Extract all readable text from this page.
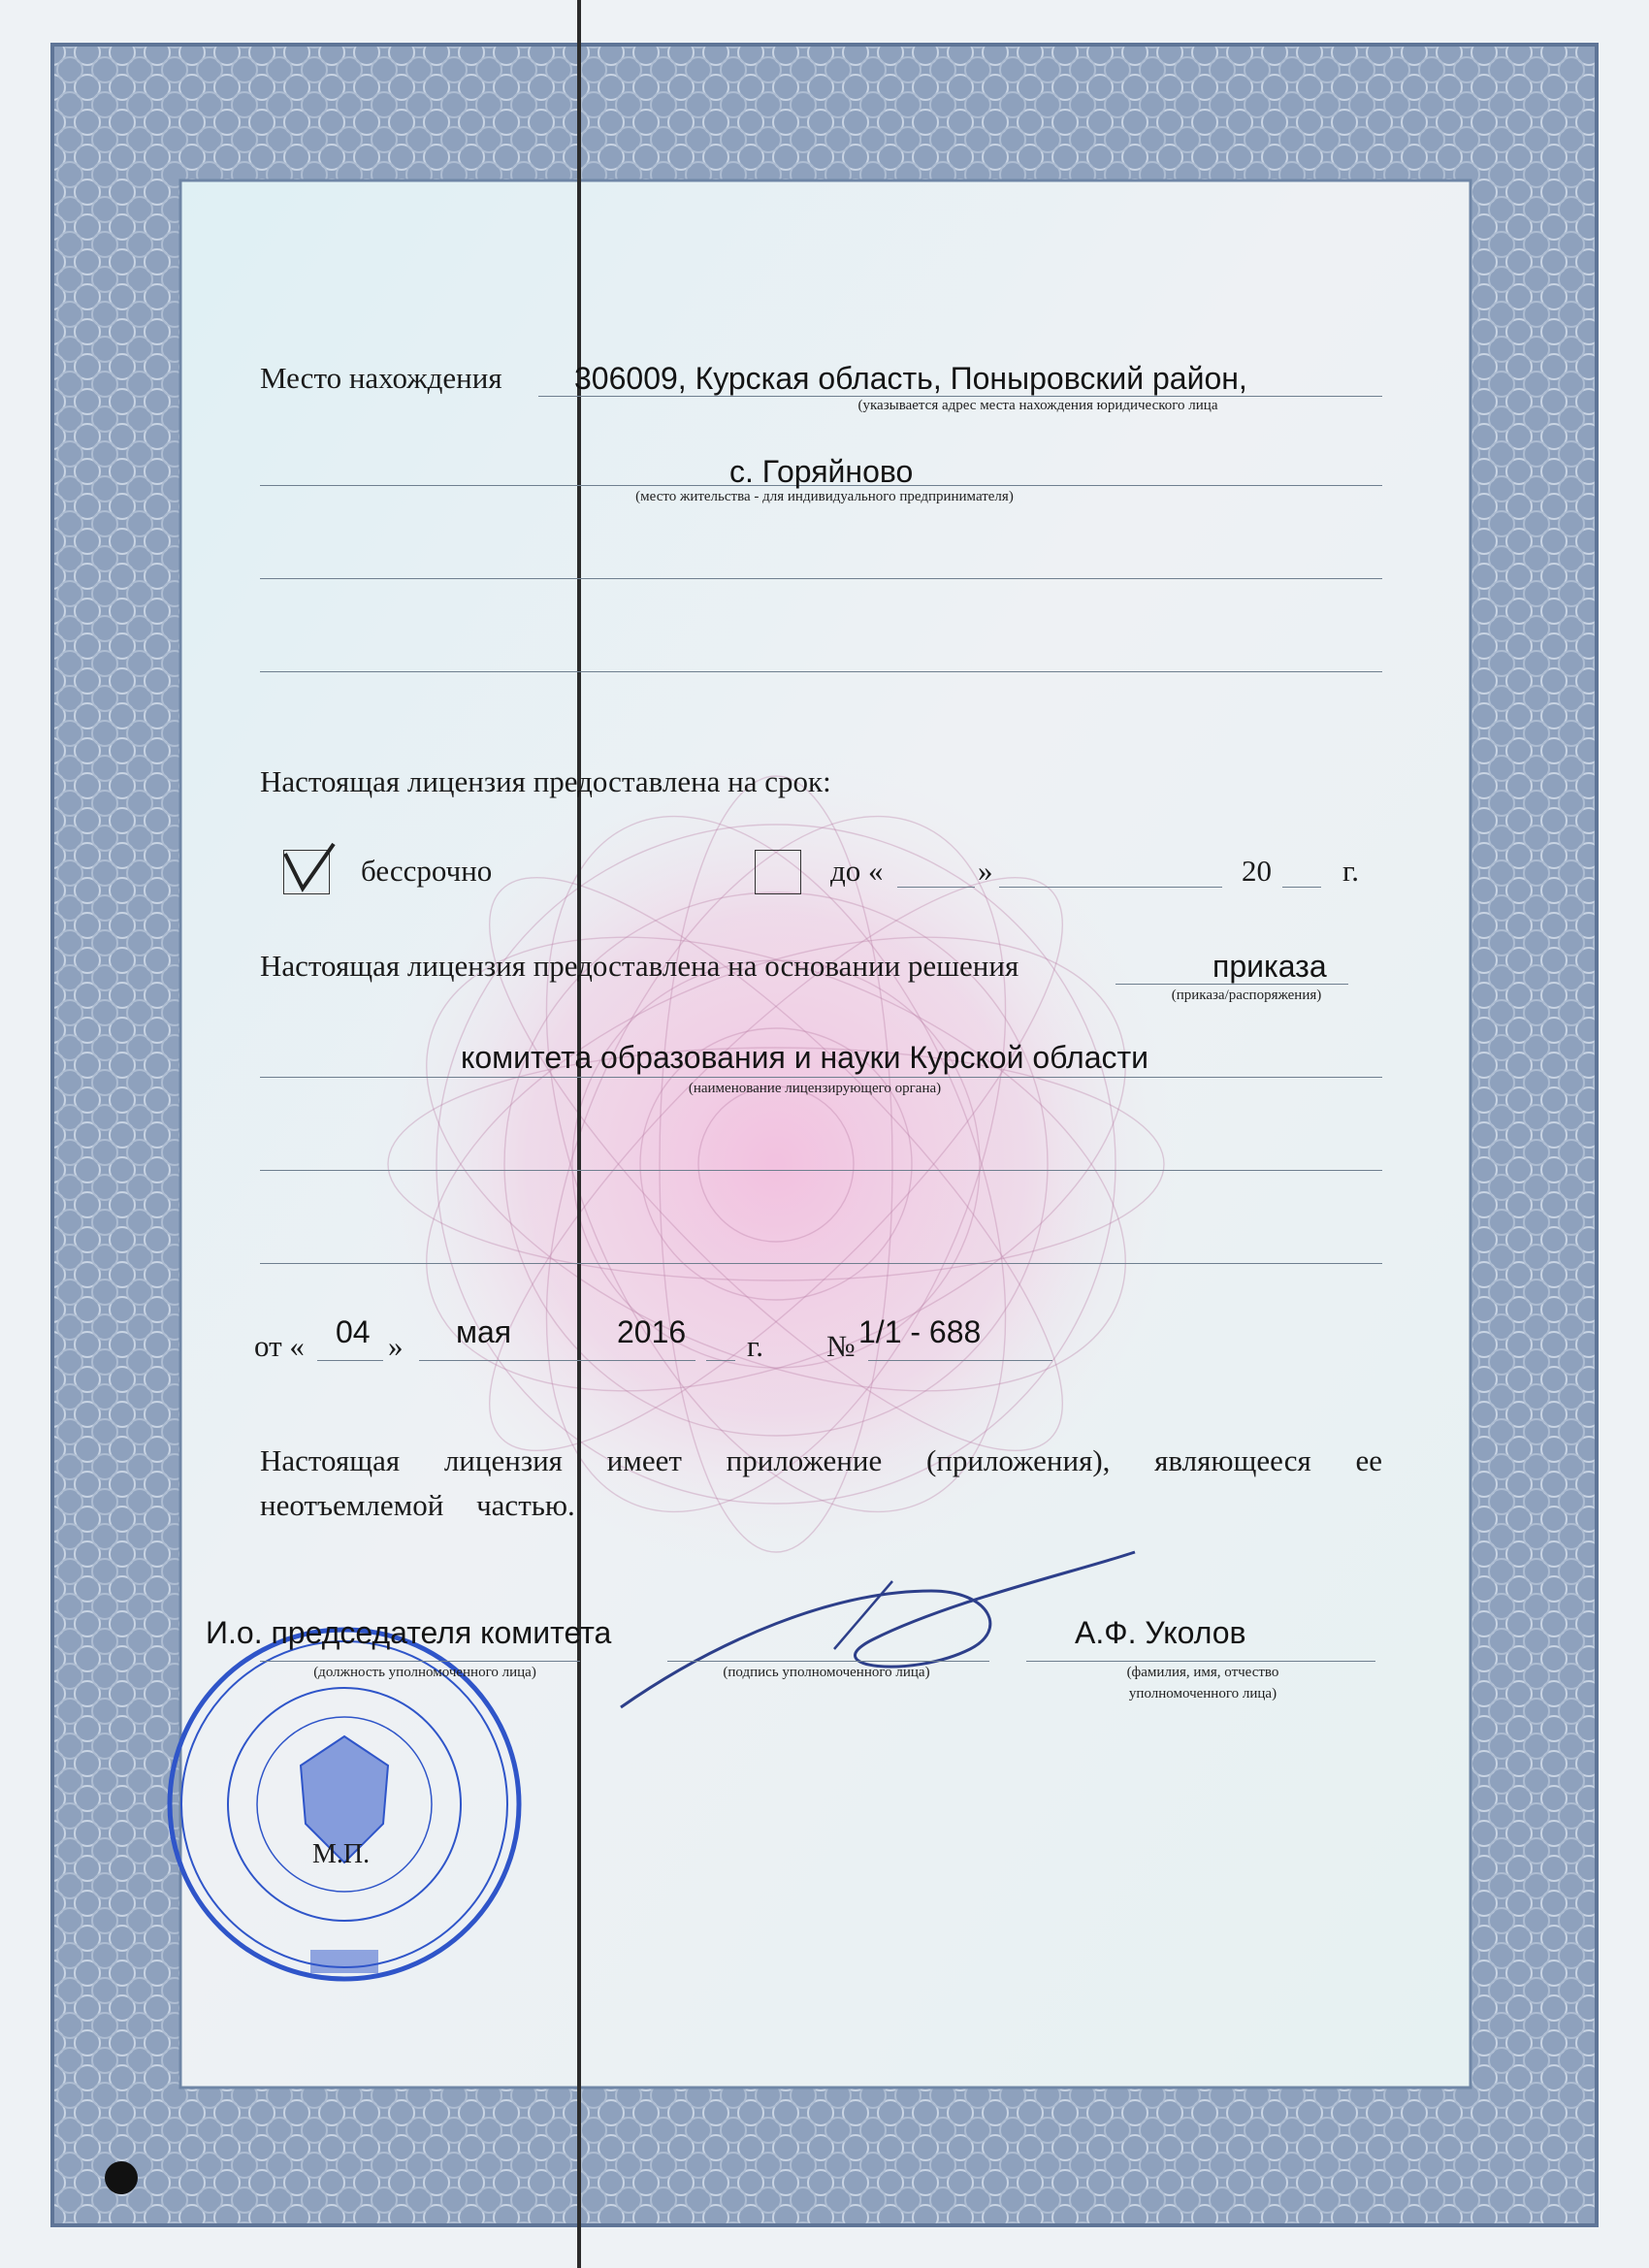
Место нахождения 306009, Курская область, Поныровский район,
(указывается адрес места нахождения юридического лица
с. Горяйново
(место жительства - для индивидуального предпринимателя)
Настоящая лицензия предоставлена на срок:
бессрочно	до «	»	20 г.
Настоящая лицензия предоставлена на основании решения	приказа
(приказа/распоряжения)
комитета образования и науки Курской области
(наименование лицензирующего органа)
от « 04 » мая	2016 г. № 1/1 - 688
Настоящая лицензия имеет приложение (приложения), являющееся ее
неотъемлемой частью.
И.о. председателя комитета
(должность уполномоченного лица)	(подпись уполномоченного лица)
А.Ф. Уколов
(фамилия, имя, отчество
уполномоченного лица)
М.П.
